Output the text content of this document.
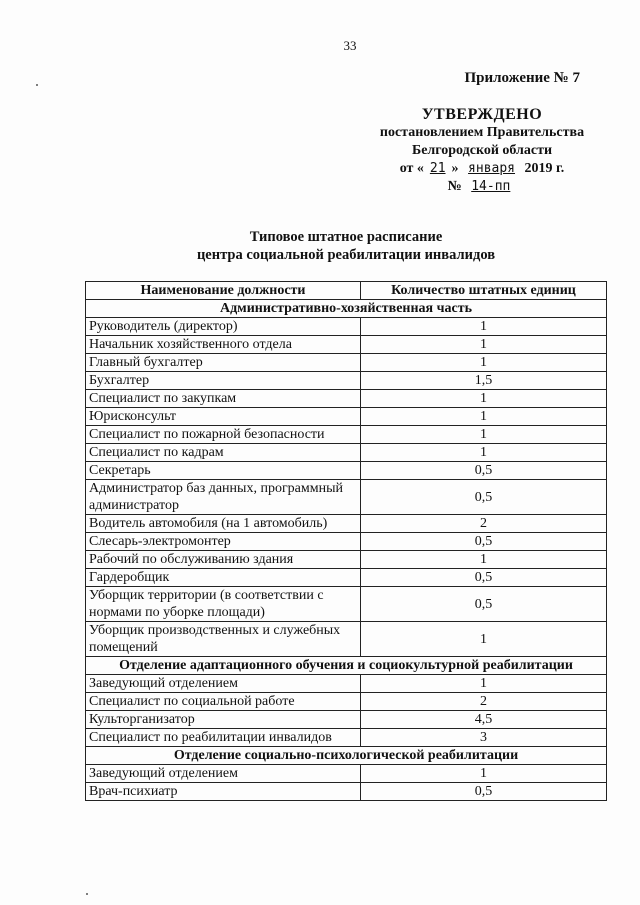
33
Приложение № 7
УТВЕРЖДЕНО
постановлением Правительства
Белгородской области
от « 21 » января 2019 г.
№ 14-пп
Типовое штатное расписание
центра социальной реабилитации инвалидов
Наименование должности	Количество штатных единиц
Административно-хозяйственная часть	
Руководитель (директор)	1
Начальник хозяйственного отдела	1
Главный бухгалтер	1
Бухгалтер	1,5
Специалист по закупкам	1
Юрисконсульт	1
Специалист по пожарной безопасности	1
Специалист по кадрам	1
Секретарь	0,5
Администратор баз данных, программный администратор	0,5
Водитель автомобиля (на 1 автомобиль)	2
Слесарь-электромонтер	0,5
Рабочий по обслуживанию здания	1
Гардеробщик	0,5
Уборщик территории (в соответствии с нормами по уборке площади)	0,5
Уборщик производственных и служебных помещений	1
Отделение адаптационного обучения и социокультурной реабилитации	
Заведующий отделением	1
Специалист по социальной работе	2
Культорганизатор	4,5
Специалист по реабилитации инвалидов	3
Отделение социально-психологической реабилитации	
Заведующий отделением	1
Врач-психиатр	0,5
